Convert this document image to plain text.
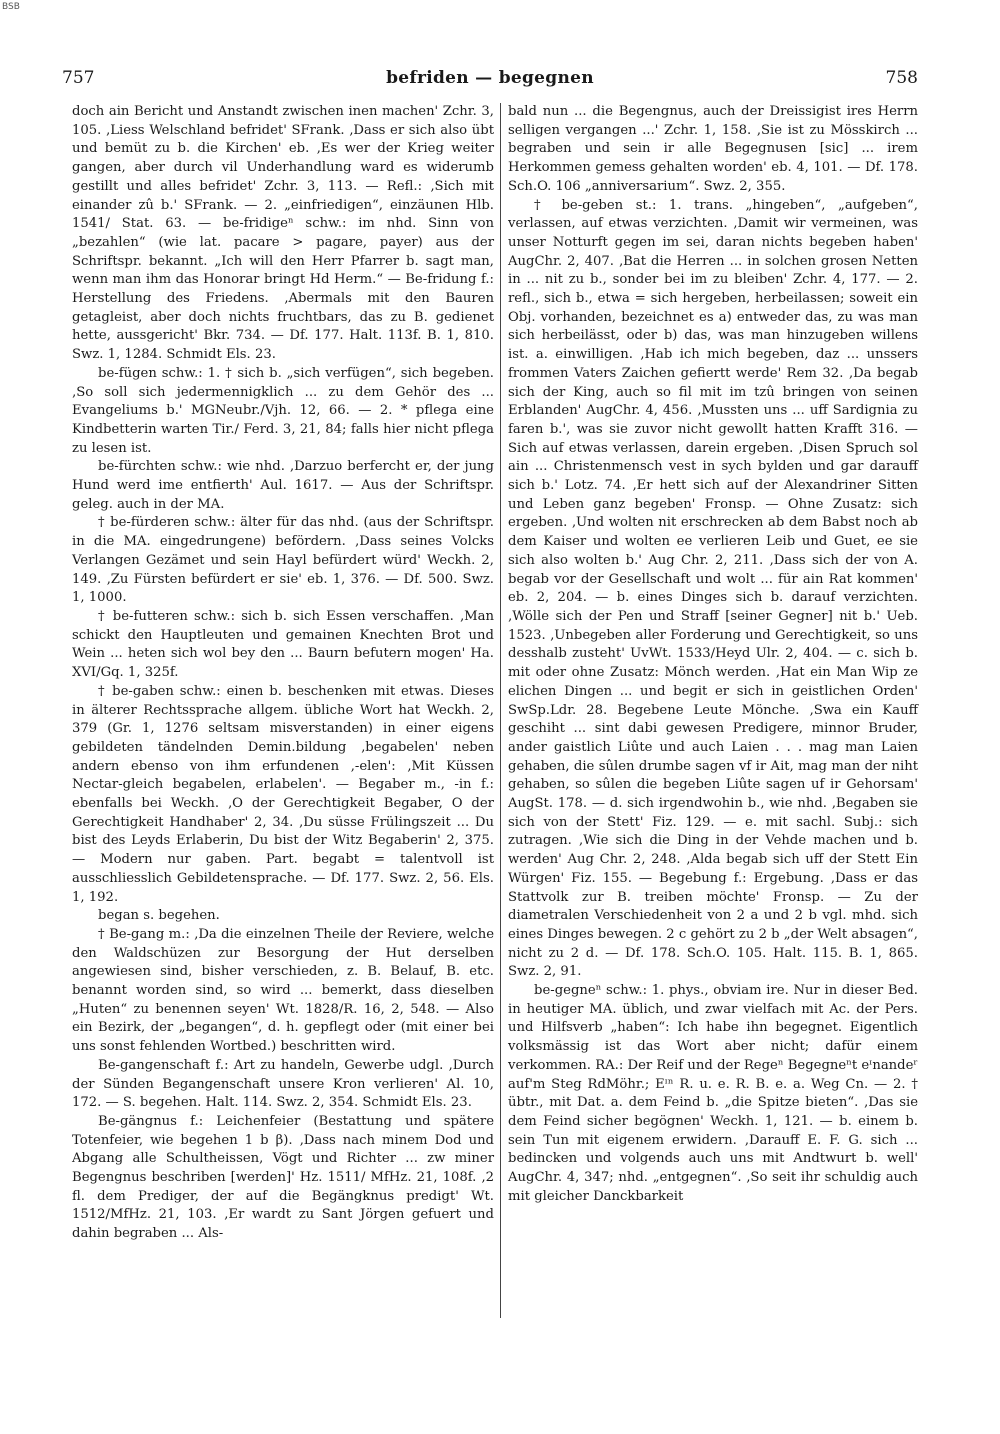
BSB
757	befriden — begegnen	758

doch ain Bericht und Anstandt zwischen inen machen' Zchr. 3, 105. ‚Liess Welschland befridet' SFrank. ‚Dass er sich also übt und bemüt zu b. die Kirchen' eb. ‚Es wer der Krieg weiter gangen, aber durch vil Underhandlung ward es widerumb gestillt und alles befridet' Zchr. 3, 113. — Refl.: ‚Sich mit einander zû b.' SFrank. — 2. „einfriedigen“, einzäunen Hlb. 1541/ Stat. 63. — be-fridigeⁿ schw.: im nhd. Sinn von „bezahlen“ (wie lat. pacare > pagare, payer) aus der Schriftspr. bekannt. „Ich will den Herr Pfarrer b. sagt man, wenn man ihm das Honorar bringt Hd Herm.“ — Be-fridung f.: Herstellung des Friedens. ‚Abermals mit den Bauren getagleist, aber doch nichts fruchtbars, das zu B. gedienet hette, aussgericht' Bkr. 734. — Df. 177. Halt. 113f. B. 1, 810. Swz. 1, 1284. Schmidt Els. 23.

be-fügen schw.: 1. † sich b. „sich verfügen“, sich begeben. ‚So soll sich jedermennigklich ... zu dem Gehör des ... Evangeliums b.' MGNeubr./Vjh. 12, 66. — 2. * pflega eine Kindbetterin warten Tir./ Ferd. 3, 21, 84; falls hier nicht pflega zu lesen ist.

be-fürchten schw.: wie nhd. ‚Darzuo berfercht er, der jung Hund werd ime entfierth' Aul. 1617. — Aus der Schriftspr. geleg. auch in der MA.

† be-fürderen schw.: älter für das nhd. (aus der Schriftspr. in die MA. eingedrungene) befördern. ‚Dass seines Volcks Verlangen Gezämet und sein Hayl befürdert würd' Weckh. 2, 149. ‚Zu Fürsten befürdert er sie' eb. 1, 376. — Df. 500. Swz. 1, 1000.

† be-futteren schw.: sich b. sich Essen verschaffen. ‚Man schickt den Hauptleuten und gemainen Knechten Brot und Wein ... heten sich wol bey den ... Baurn befutern mogen' Ha. XVI/Gq. 1, 325f.

† be-gaben schw.: einen b. beschenken mit etwas. Dieses in älterer Rechtssprache allgem. übliche Wort hat Weckh. 2, 379 (Gr. 1, 1276 seltsam misverstanden) in einer eigens gebildeten tändelnden Demin.bildung ‚begabelen' neben andern ebenso von ihm erfundenen ‚-elen': ‚Mit Küssen Nectar-gleich begabelen, erlabelen'. — Begaber m., -in f.: ebenfalls bei Weckh. ‚O der Gerechtigkeit Begaber, O der Gerechtigkeit Handhaber' 2, 34. ‚Du süsse Frülingszeit ... Du bist des Leyds Erlaberin, Du bist der Witz Begaberin' 2, 375. — Modern nur gaben. Part. begabt = talentvoll ist ausschliesslich Gebildetensprache. — Df. 177. Swz. 2, 56. Els. 1, 192.

began s. begehen.

† Be-gang m.: ‚Da die einzelnen Theile der Reviere, welche den Waldschüzen zur Besorgung der Hut derselben angewiesen sind, bisher verschieden, z. B. Belauf, B. etc. benannt worden sind, so wird ... bemerkt, dass dieselben „Huten“ zu benennen seyen' Wt. 1828/R. 16, 2, 548. — Also ein Bezirk, der „begangen“, d. h. gepflegt oder (mit einer bei uns sonst fehlenden Wortbed.) beschritten wird.

Be-gangenschaft f.: Art zu handeln, Gewerbe udgl. ‚Durch der Sünden Begangenschaft unsere Kron verlieren' Al. 10, 172. — S. begehen. Halt. 114. Swz. 2, 354. Schmidt Els. 23.

Be-gängnus f.: Leichenfeier (Bestattung und spätere Totenfeier, wie begehen 1 b β). ‚Dass nach minem Dod und Abgang alle Schultheissen, Vögt und Richter ... zw miner Begengnus beschriben [werden]' Hz. 1511/ MfHz. 21, 108f. ‚2 fl. dem Prediger, der auf die Begängknus predigt' Wt. 1512/MfHz. 21, 103. ‚Er wardt zu Sant Jörgen gefuert und dahin begraben ... Als-

bald nun ... die Begengnus, auch der Dreissigist ires Herrn selligen vergangen ...' Zchr. 1, 158. ‚Sie ist zu Mösskirch ... begraben und sein ir alle Begegnusen [sic] ... irem Herkommen gemess gehalten worden' eb. 4, 101. — Df. 178. Sch.O. 106 „anniversarium“. Swz. 2, 355.

† be-geben st.: 1. trans. „hingeben“, „aufgeben“, verlassen, auf etwas verzichten. ‚Damit wir vermeinen, was unser Notturft gegen im sei, daran nichts begeben haben' AugChr. 2, 407. ‚Bat die Herren ... in solchen grosen Netten in ... nit zu b., sonder bei im zu bleiben' Zchr. 4, 177. — 2. refl., sich b., etwa = sich hergeben, herbeilassen; soweit ein Obj. vorhanden, bezeichnet es a) entweder das, zu was man sich herbeilässt, oder b) das, was man hinzugeben willens ist. a. einwilligen. ‚Hab ich mich begeben, daz ... unssers frommen Vaters Zaichen gefiertt werde' Rem 32. ‚Da begab sich der King, auch so fil mit im tzû bringen von seinen Erblanden' AugChr. 4, 456. ‚Mussten uns ... uff Sardignia zu faren b.', was sie zuvor nicht gewollt hatten Krafft 316. — Sich auf etwas verlassen, darein ergeben. ‚Disen Spruch sol ain ... Christenmensch vest in sych bylden und gar darauff sich b.' Lotz. 74. ‚Er hett sich auf der Alexandriner Sitten und Leben ganz begeben' Fronsp. — Ohne Zusatz: sich ergeben. ‚Und wolten nit erschrecken ab dem Babst noch ab dem Kaiser und wolten ee verlieren Leib und Guet, ee sie sich also wolten b.' Aug Chr. 2, 211. ‚Dass sich der von A. begab vor der Gesellschaft und wolt ... für ain Rat kommen' eb. 2, 204. — b. eines Dinges sich b. darauf verzichten. ‚Wölle sich der Pen und Straff [seiner Gegner] nit b.' Ueb. 1523. ‚Unbegeben aller Forderung und Gerechtigkeit, so uns desshalb zusteht' UvWt. 1533/Heyd Ulr. 2, 404. — c. sich b. mit oder ohne Zusatz: Mönch werden. ‚Hat ein Man Wip ze elichen Dingen ... und begit er sich in geistlichen Orden' SwSp.Ldr. 28. Begebene Leute Mönche. ‚Swa ein Kauff geschiht ... sint dabi gewesen Predigere, minnor Bruder, ander gaistlich Liûte und auch Laien . . . mag man Laien gehaben, die sûlen drumbe sagen vf ir Ait, mag man der niht gehaben, so sûlen die begeben Liûte sagen uf ir Gehorsam' AugSt. 178. — d. sich irgendwohin b., wie nhd. ‚Begaben sie sich von der Stett' Fiz. 129. — e. mit sachl. Subj.: sich zutragen. ‚Wie sich die Ding in der Vehde machen und b. werden' Aug Chr. 2, 248. ‚Alda begab sich uff der Stett Ein Würgen' Fiz. 155. — Begebung f.: Ergebung. ‚Dass er das Stattvolk zur B. treiben möchte' Fronsp. — Zu der diametralen Verschiedenheit von 2 a und 2 b vgl. mhd. sich eines Dinges bewegen. 2 c gehört zu 2 b „der Welt absagen“, nicht zu 2 d. — Df. 178. Sch.O. 105. Halt. 115. B. 1, 865. Swz. 2, 91.

be-gegneⁿ schw.: 1. phys., obviam ire. Nur in dieser Bed. in heutiger MA. üblich, und zwar vielfach mit Ac. der Pers. und Hilfsverb „haben“: Ich habe ihn begegnet. Eigentlich volksmässig ist das Wort aber nicht; dafür einem verkommen. RA.: Der Reif und der Regeⁿ Begegneⁿt eᶦnandeʳ auf'm Steg RdMöhr.; Eᶦⁿ R. u. e. R. B. e. a. Weg Cn. — 2. † übtr., mit Dat. a. dem Feind b. „die Spitze bieten“. ‚Das sie dem Feind sicher begögnen' Weckh. 1, 121. — b. einem b. sein Tun mit eigenem erwidern. ‚Darauff E. F. G. sich ... bedincken und volgends auch uns mit Andtwurt b. well' AugChr. 4, 347; nhd. „entgegnen“. ‚So seit ihr schuldig auch mit gleicher Danckbarkeit
